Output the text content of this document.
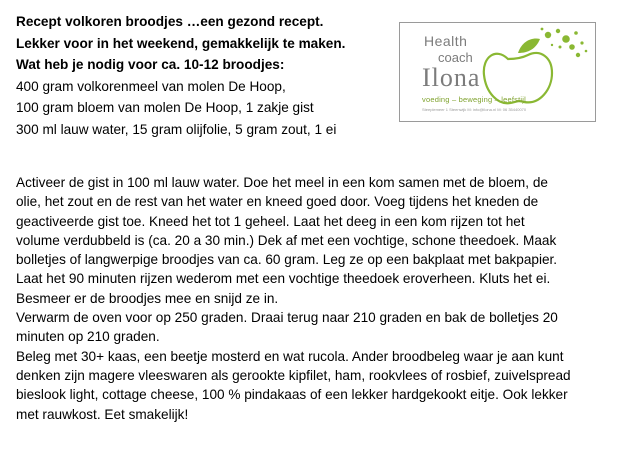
Recept volkoren broodjes …een gezond recept.
Lekker voor in het weekend, gemakkelijk te maken.
Wat heb je nodig voor ca. 10-12 broodjes:
400 gram volkorenmeel van molen De Hoop,
100 gram bloem van molen De Hoop, 1 zakje gist
300 ml lauw water, 15 gram olijfolie, 5 gram zout, 1 ei
Health
coach
Ilona
voeding – beweging – leefstijl
Steeplemeer 1 Steenwijk M: info@ilona.nl M: 06 35440070
Activeer de gist in 100 ml lauw water. Doe het meel in een kom samen met de bloem, de
olie, het zout en de rest van het water en kneed goed door. Voeg tijdens het kneden de
geactiveerde gist toe. Kneed het tot 1 geheel. Laat het deeg in een kom rijzen tot het
volume verdubbeld is (ca. 20 a 30 min.) Dek af met een vochtige, schone theedoek. Maak
bolletjes of langwerpige broodjes van ca. 60 gram. Leg ze op een bakplaat met bakpapier.
Laat het 90 minuten rijzen wederom met een vochtige theedoek eroverheen. Kluts het ei.
Besmeer er de broodjes mee en snijd ze in.
Verwarm de oven voor op 250 graden. Draai terug naar 210 graden en bak de bolletjes 20
minuten op 210 graden.
Beleg met 30+ kaas, een beetje mosterd en wat rucola. Ander broodbeleg waar je aan kunt
denken zijn magere vleeswaren als gerookte kipfilet, ham, rookvlees of rosbief, zuivelspread
bieslook light, cottage cheese, 100 % pindakaas of een lekker hardgekookt eitje. Ook lekker
met rauwkost. Eet smakelijk!
